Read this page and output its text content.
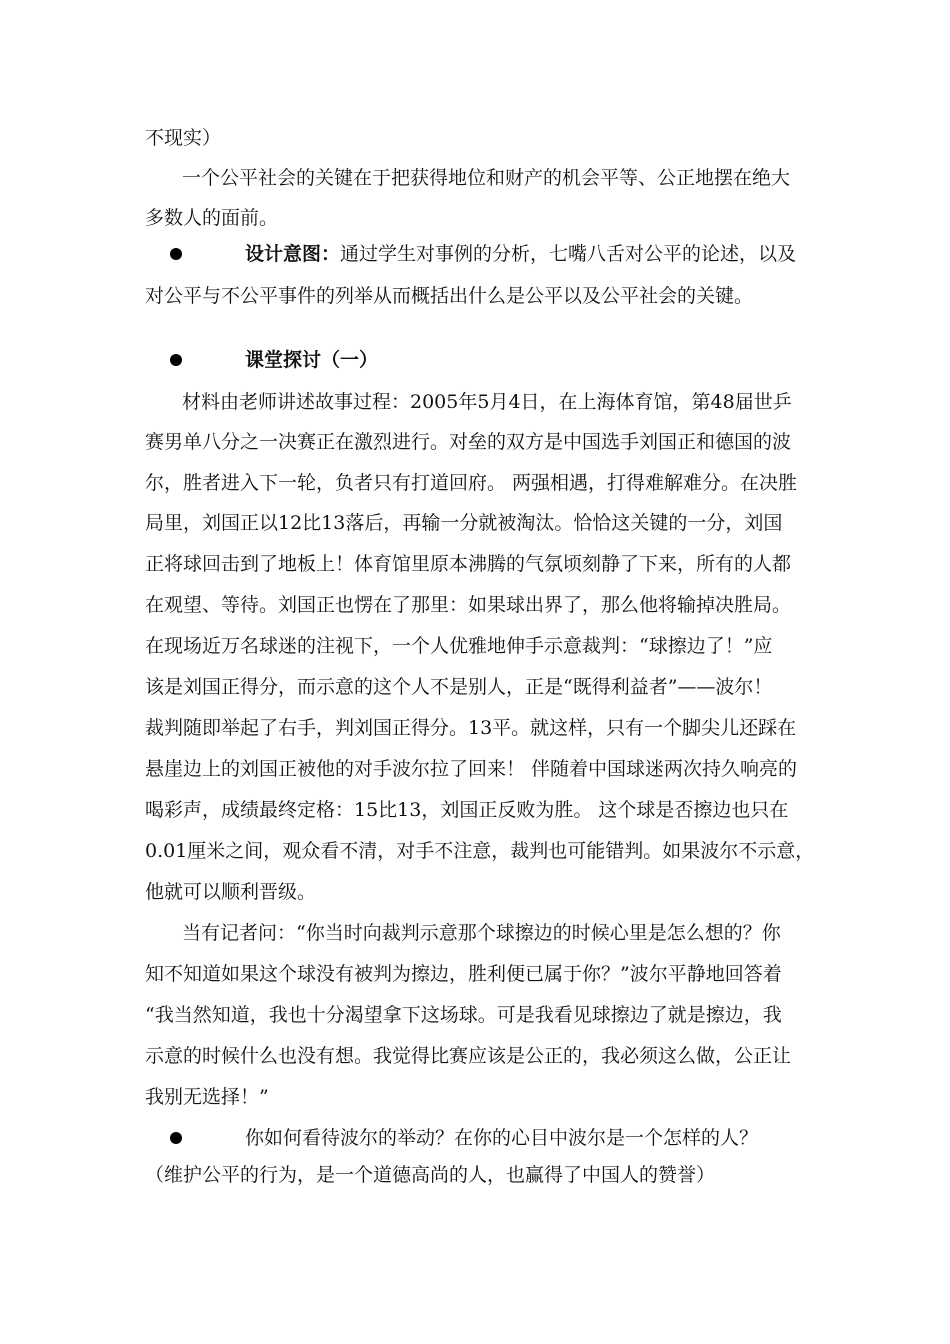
不现实）
一个公平社会的关键在于把获得地位和财产的机会平等、公正地摆在绝大
多数人的面前。
设计意图：通过学生对事例的分析，七嘴八舌对公平的论述，以及
对公平与不公平事件的列举从而概括出什么是公平以及公平社会的关键。
课堂探讨（一）
材料由老师讲述故事过程：2005年5月4日，在上海体育馆，第48届世乒
赛男单八分之一决赛正在激烈进行。对垒的双方是中国选手刘国正和德国的波
尔，胜者进入下一轮，负者只有打道回府。 两强相遇，打得难解难分。在决胜
局里，刘国正以12比13落后，再输一分就被淘汰。恰恰这关键的一分，刘国
正将球回击到了地板上！体育馆里原本沸腾的气氛顷刻静了下来，所有的人都
在观望、等待。刘国正也愣在了那里：如果球出界了，那么他将输掉决胜局。
在现场近万名球迷的注视下，一个人优雅地伸手示意裁判：“球擦边了！”应
该是刘国正得分，而示意的这个人不是别人，正是“既得利益者”——波尔！
裁判随即举起了右手，判刘国正得分。13平。就这样，只有一个脚尖儿还踩在
悬崖边上的刘国正被他的对手波尔拉了回来！ 伴随着中国球迷两次持久响亮的
喝彩声，成绩最终定格：15比13，刘国正反败为胜。 这个球是否擦边也只在
0.01厘米之间，观众看不清，对手不注意，裁判也可能错判。如果波尔不示意，
他就可以顺利晋级。
当有记者问：“你当时向裁判示意那个球擦边的时候心里是怎么想的？你
知不知道如果这个球没有被判为擦边，胜利便已属于你？”波尔平静地回答着
“我当然知道，我也十分渴望拿下这场球。可是我看见球擦边了就是擦边，我
示意的时候什么也没有想。我觉得比赛应该是公正的，我必须这么做，公正让
我别无选择！”
你如何看待波尔的举动？在你的心目中波尔是一个怎样的人？
（维护公平的行为，是一个道德高尚的人，也赢得了中国人的赞誉）
